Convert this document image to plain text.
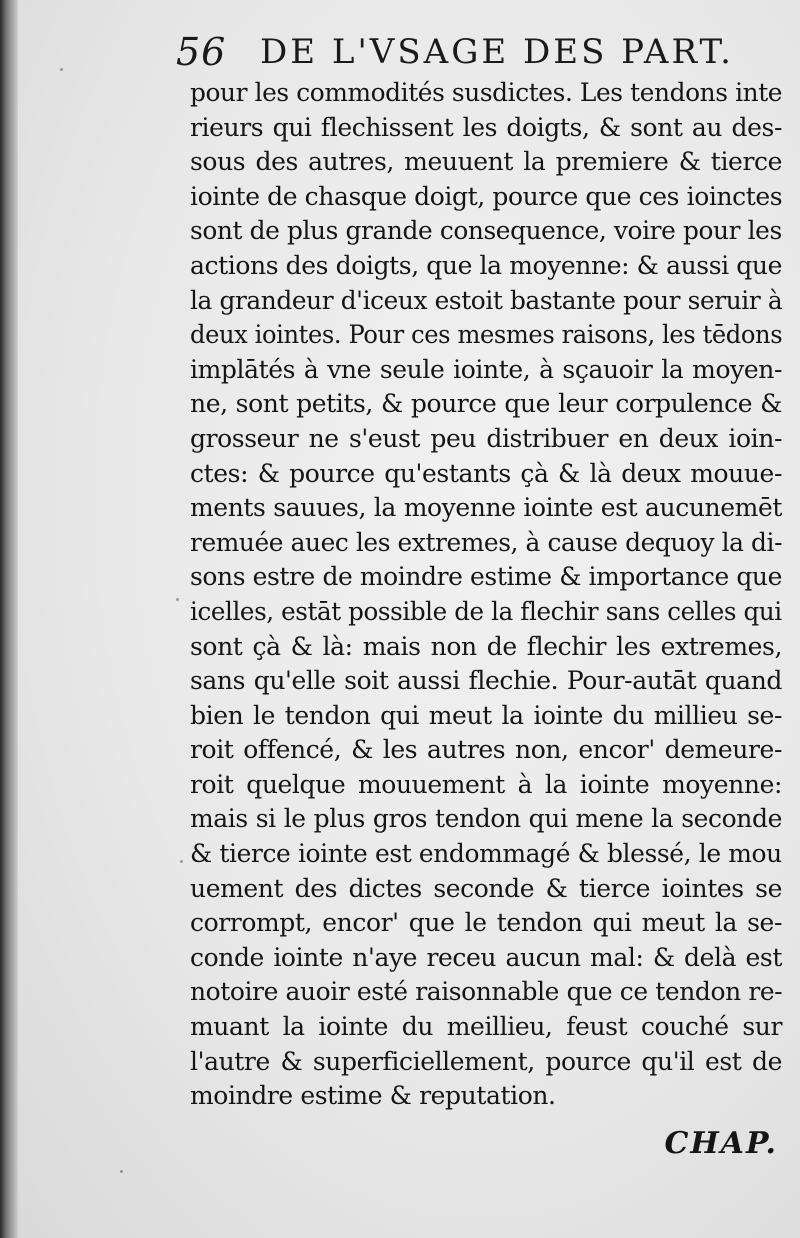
56 DE L'VSAGE DES PART.
pour les commodités susdictes. Les tendons inte
rieurs qui flechissent les doigts, & sont au des-
sous des autres, meuuent la premiere & tierce
iointe de chasque doigt, pource que ces ioinctes
sont de plus grande consequence, voire pour les
actions des doigts, que la moyenne: & aussi que
la grandeur d'iceux estoit bastante pour seruir à
deux iointes. Pour ces mesmes raisons, les tēdons
implātés à vne seule iointe, à sçauoir la moyen-
ne, sont petits, & pource que leur corpulence &
grosseur ne s'eust peu distribuer en deux ioin-
ctes: & pource qu'estants çà & là deux mouue-
ments sauues, la moyenne iointe est aucunemēt
remuée auec les extremes, à cause dequoy la di-
sons estre de moindre estime & importance que
icelles, estāt possible de la flechir sans celles qui
sont çà & là: mais non de flechir les extremes,
sans qu'elle soit aussi flechie. Pour-autāt quand
bien le tendon qui meut la iointe du millieu se-
roit offencé, & les autres non, encor' demeure-
roit quelque mouuement à la iointe moyenne:
mais si le plus gros tendon qui mene la seconde
& tierce iointe est endommagé & blessé, le mou
uement des dictes seconde & tierce iointes se
corrompt, encor' que le tendon qui meut la se-
conde iointe n'aye receu aucun mal: & delà est
notoire auoir esté raisonnable que ce tendon re-
muant la iointe du meillieu, feust couché sur
l'autre & superficiellement, pource qu'il est de
moindre estime & reputation.
CHAP.
